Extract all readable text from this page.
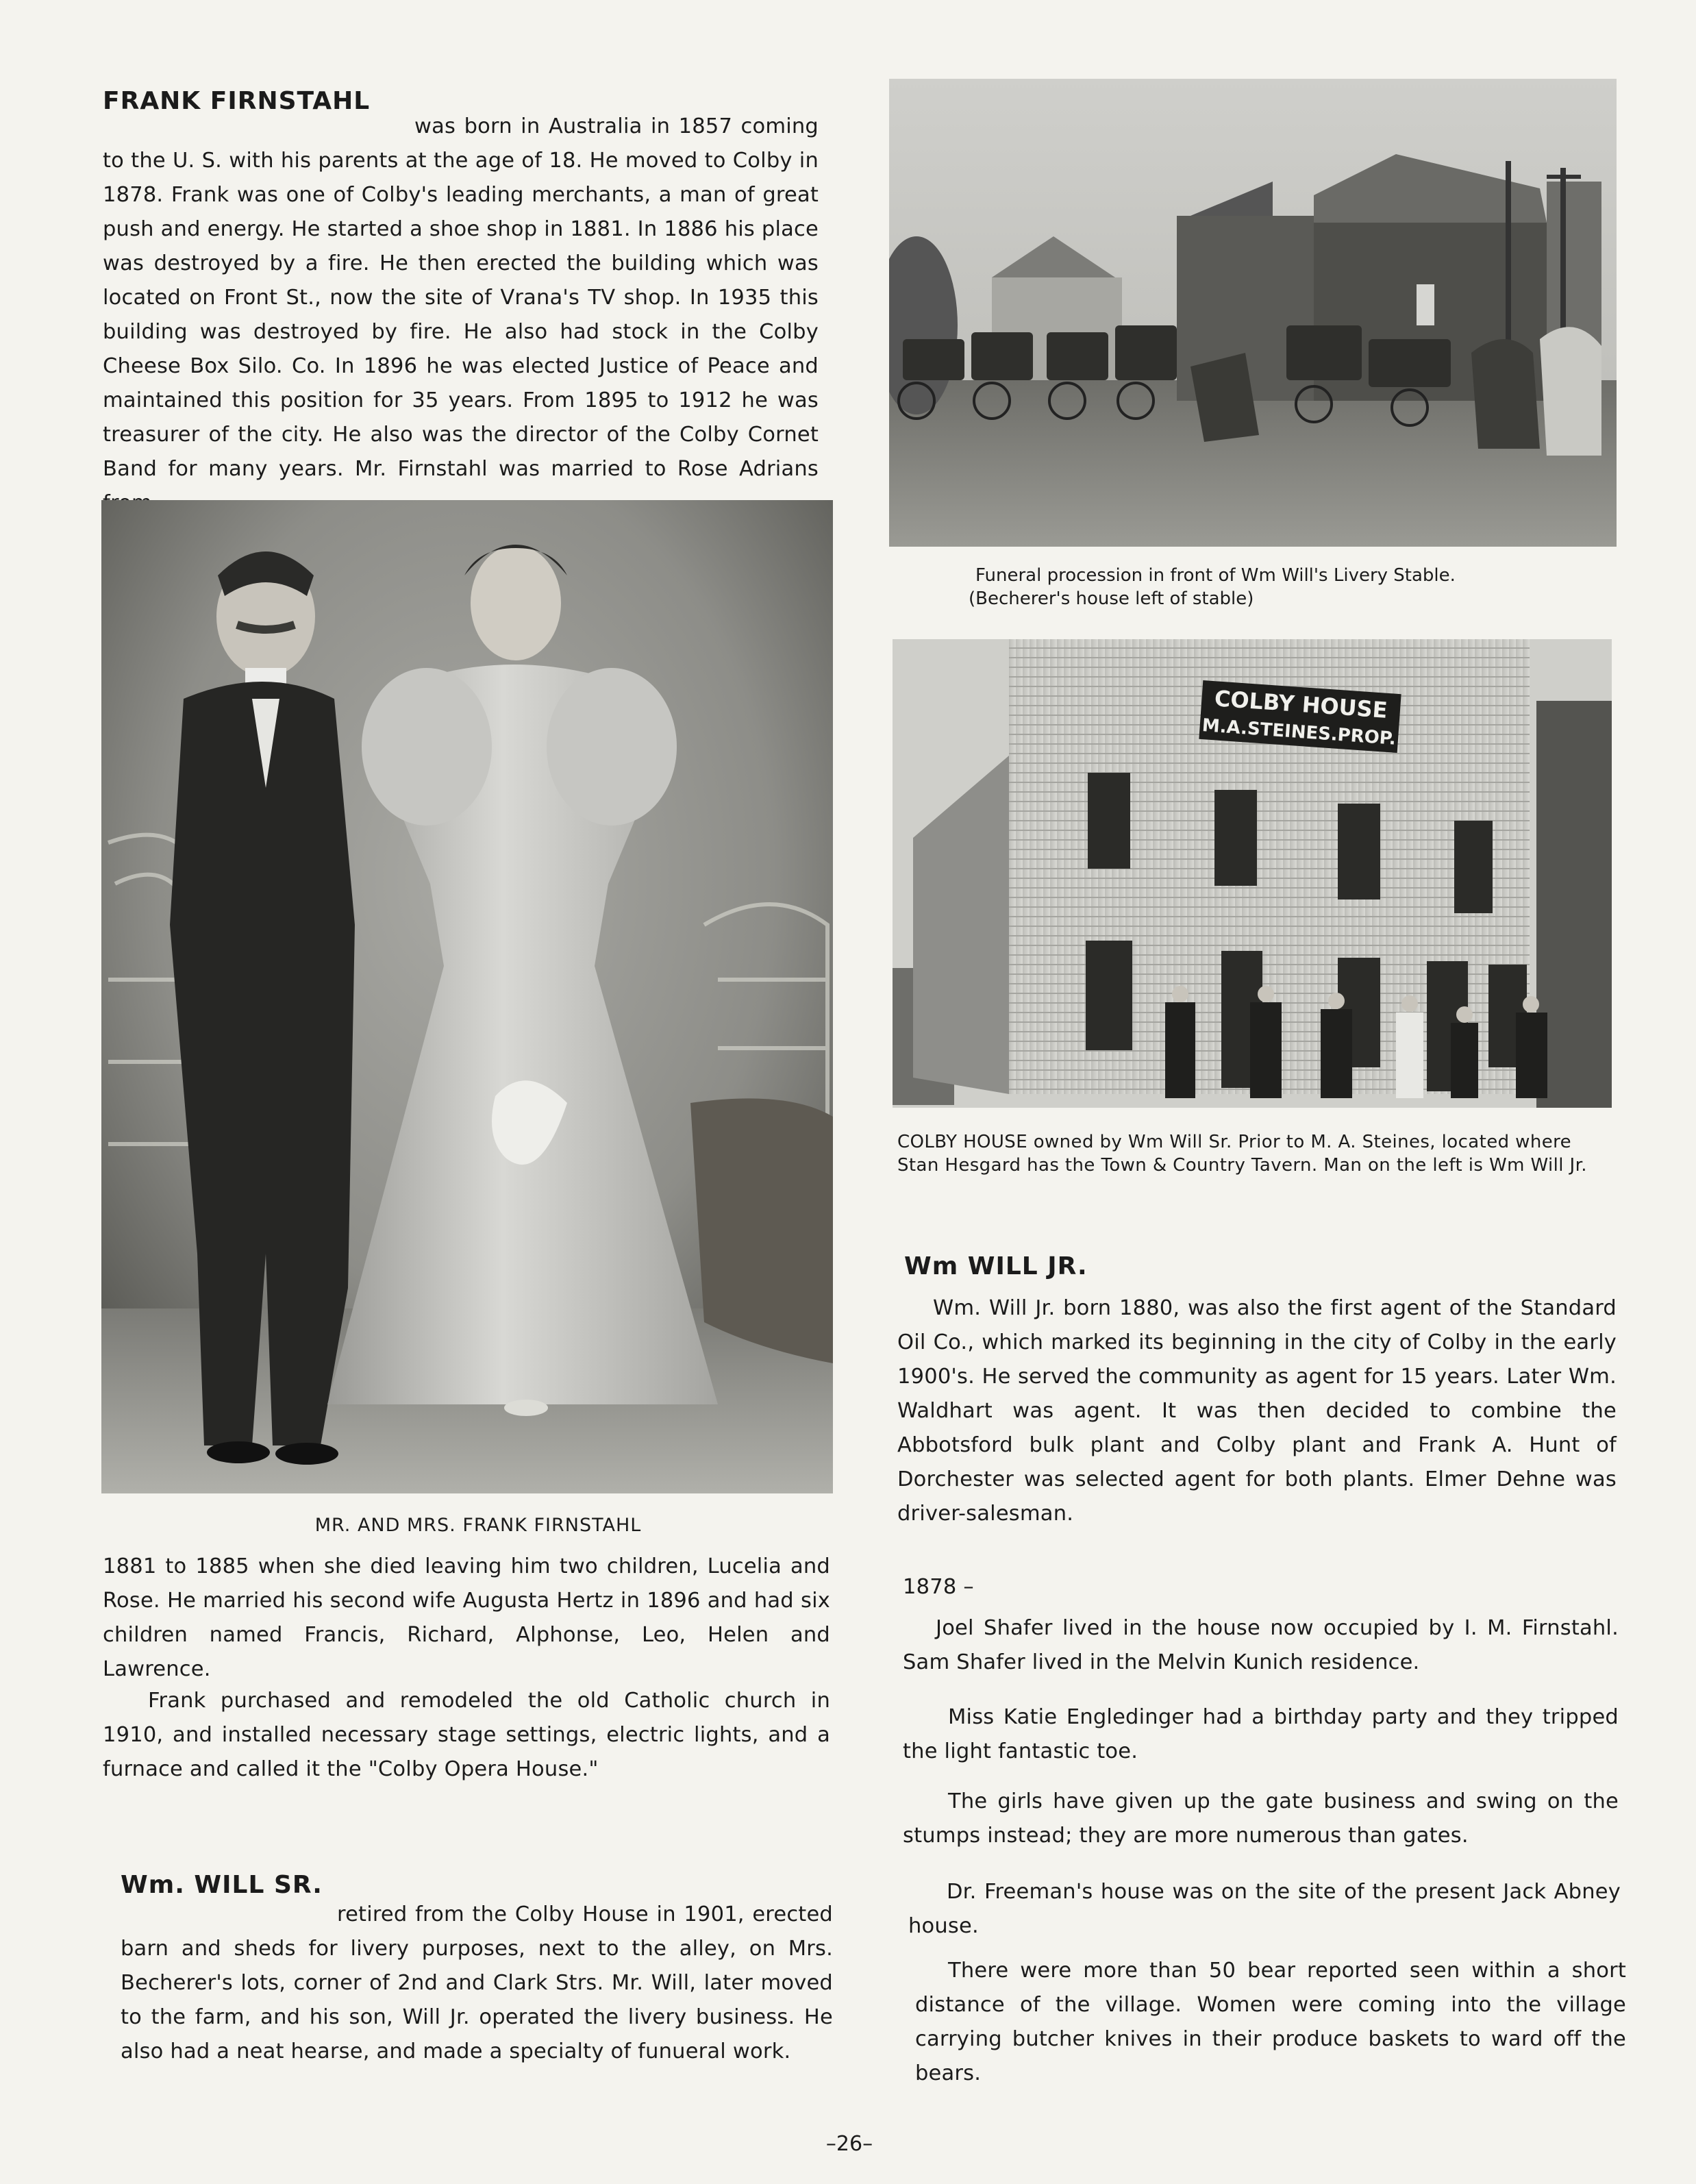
FRANK FIRNSTAHL

was born in Australia in 1857 coming to the U. S. with his parents at the age of 18. He moved to Colby in 1878. Frank was one of Colby's leading merchants, a man of great push and energy. He started a shoe shop in 1881. In 1886 his place was destroyed by a fire. He then erected the building which was located on Front St., now the site of Vrana's TV shop. In 1935 this building was destroyed by fire. He also had stock in the Colby Cheese Box Silo. Co. In 1896 he was elected Justice of Peace and maintained this position for 35 years. From 1895 to 1912 he was treasurer of the city. He also was the director of the Colby Cornet Band for many years. Mr. Firnstahl was married to Rose Adrians

MR. AND MRS. FRANK FIRNSTAHL

1881 to 1885 when she died leaving him two children, Lucelia and Rose. He married his second wife Augusta Hertz in 1896 and had six children named Francis, Richard, Alphonse, Leo, Helen and Lawrence.

Frank purchased and remodeled the old Catholic church in 1910, and installed necessary stage settings, electric lights, and a furnace and called it the "Colby Opera House."

Wm. WILL SR.

retired from the Colby House in 1901, erected barn and sheds for livery purposes, next to the alley, on Mrs. Becherer's lots, corner of 2nd and Clark Strs. Mr. Will, later moved to the farm, and his son, Will Jr. operated the livery business. He also had a neat hearse, and made a specialty of funueral work.

Funeral procession in front of Wm Will's Livery Stable.

(Becherer's house left of stable)

COLBY HOUSE
M.A.STEINES.PROP.

COLBY HOUSE owned by Wm Will Sr. Prior to M. A. Steines, located where Stan Hesgard has the Town & Country Tavern. Man on the left is Wm Will Jr.

Wm WILL JR.

Wm. Will Jr. born 1880, was also the first agent of the Standard Oil Co., which marked its beginning in the city of Colby in the early 1900's. He served the community as agent for 15 years. Later Wm. Waldhart was agent. It was then decided to combine the Abbotsford bulk plant and Colby plant and Frank A. Hunt of Dorchester was selected agent for both plants. Elmer Dehne was driver-salesman.

1878 –

Joel Shafer lived in the house now occupied by I. M. Firnstahl. Sam Shafer lived in the Melvin Kunich residence.

Miss Katie Engledinger had a birthday party and they tripped the light fantastic toe.

The girls have given up the gate business and swing on the stumps instead; they are more numerous than gates.

Dr. Freeman's house was on the site of the present Jack Abney house.

There were more than 50 bear reported seen within a short distance of the village. Women were coming into the village carrying butcher knives in their produce baskets to ward off the bears.

–26–
